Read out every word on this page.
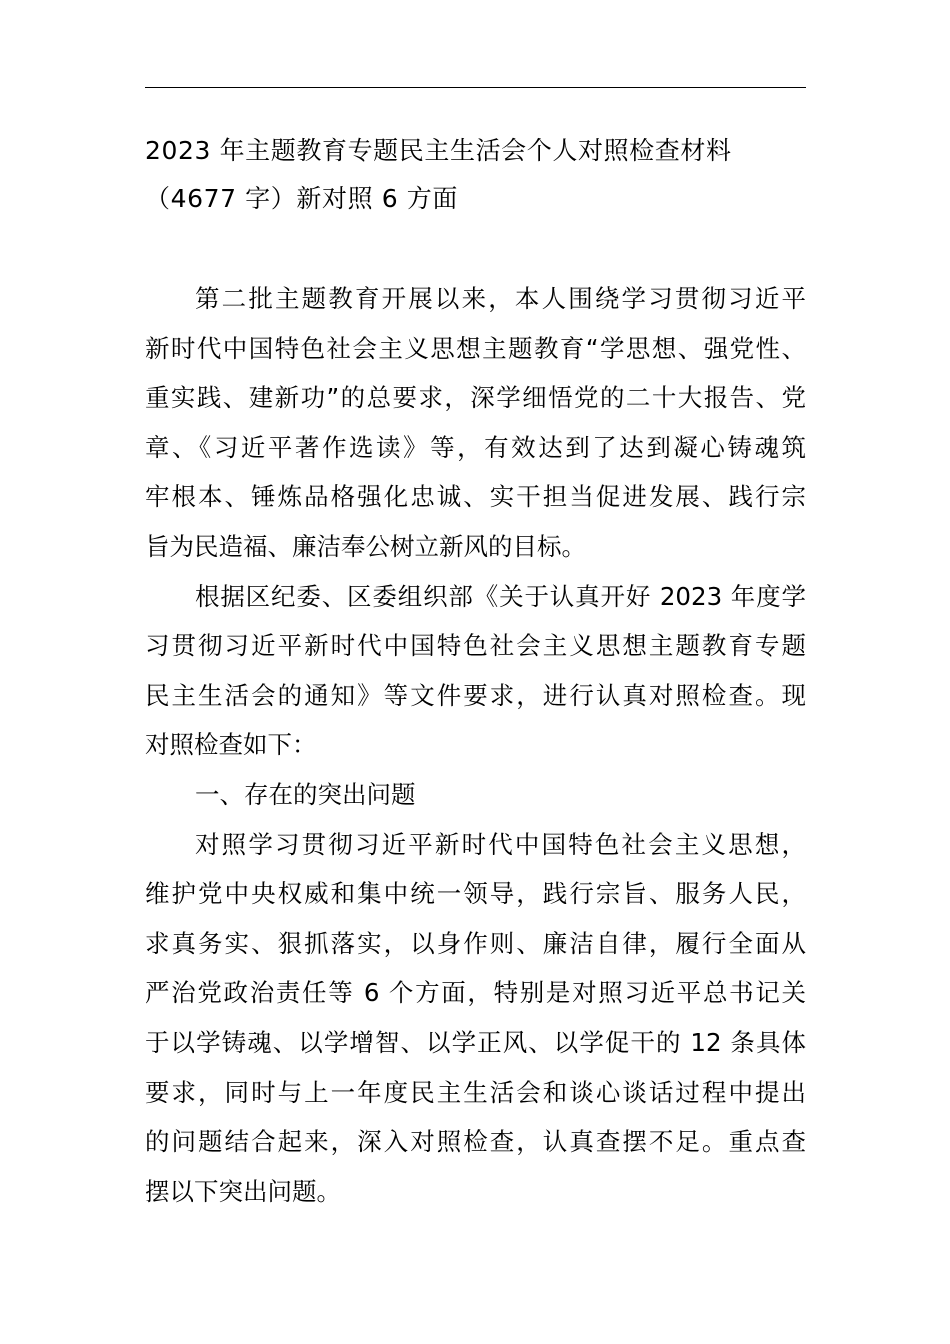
2023 年主题教育专题民主生活会个人对照检查材料
（4677 字）新对照 6 方面

第二批主题教育开展以来，本人围绕学习贯彻习近平
新时代中国特色社会主义思想主题教育“学思想、强党性、
重实践、建新功”的总要求，深学细悟党的二十大报告、党
章、《习近平著作选读》等，有效达到了达到凝心铸魂筑
牢根本、锤炼品格强化忠诚、实干担当促进发展、践行宗
旨为民造福、廉洁奉公树立新风的目标。

根据区纪委、区委组织部《关于认真开好 2023 年度学
习贯彻习近平新时代中国特色社会主义思想主题教育专题
民主生活会的通知》等文件要求，进行认真对照检查。现
对照检查如下：

一、存在的突出问题

对照学习贯彻习近平新时代中国特色社会主义思想，
维护党中央权威和集中统一领导，践行宗旨、服务人民，
求真务实、狠抓落实，以身作则、廉洁自律，履行全面从
严治党政治责任等 6 个方面，特别是对照习近平总书记关
于以学铸魂、以学增智、以学正风、以学促干的 12 条具体
要求，同时与上一年度民主生活会和谈心谈话过程中提出
的问题结合起来，深入对照检查，认真查摆不足。重点查
摆以下突出问题。
